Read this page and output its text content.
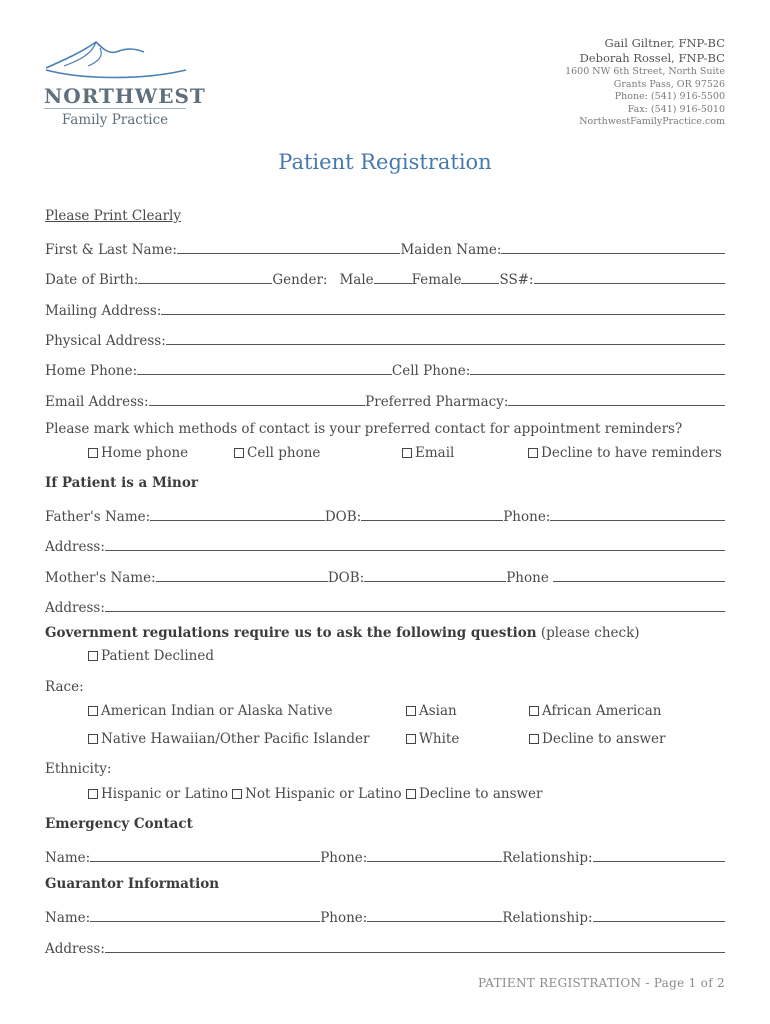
NORTHWEST
Family Practice
Gail Giltner, FNP-BC
Deborah Rossel, FNP-BC
1600 NW 6th Street, North Suite
Grants Pass, OR 97526
Phone: (541) 916-5500
Fax: (541) 916-5010
NorthwestFamilyPractice.com
Patient Registration
Please Print Clearly
First & Last Name:	Maiden Name:
Date of Birth:	Gender: Male	Female	SS#:
Mailing Address:
Physical Address:
Home Phone:	Cell Phone:
Email Address:	Preferred Pharmacy:
Please mark which methods of contact is your preferred contact for appointment reminders?
Home phone	Cell phone	Email	Decline to have reminders
If Patient is a Minor
Father's Name:	DOB:	Phone:
Address:
Mother's Name:	DOB:	Phone
Address:
Government regulations require us to ask the following question (please check)
Patient Declined
Race:
American Indian or Alaska Native	Asian	African American
Native Hawaiian/Other Pacific Islander	White	Decline to answer
Ethnicity:
Hispanic or Latino Not Hispanic or Latino Decline to answer
Emergency Contact
Name:	Phone:	Relationship:
Guarantor Information
Name:	Phone:	Relationship:
Address:
PATIENT REGISTRATION - Page 1 of 2
